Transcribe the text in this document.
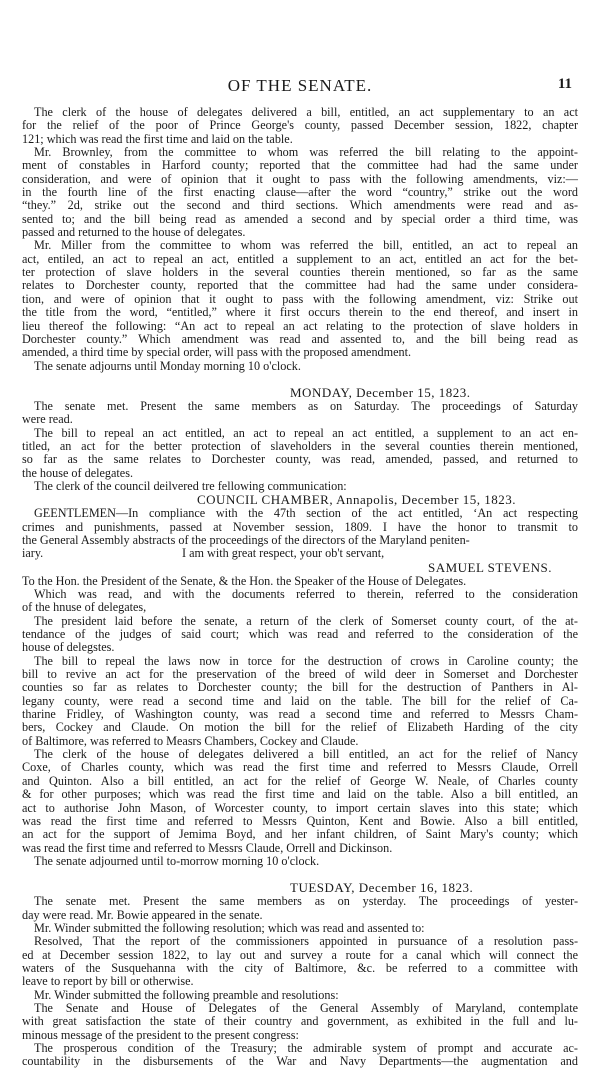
OF THE SENATE.	11
The clerk of the house of delegates delivered a bill, entitled, an act supplementary to an act
for the relief of the poor of Prince George's county, passed December session, 1822, chapter
121; which was read the first time and laid on the table.
Mr. Brownley, from the committee to whom was referred the bill relating to the appoint-
ment of constables in Harford county; reported that the committee had had the same under
consideration, and were of opinion that it ought to pass with the following amendments, viz:—
in the fourth line of the first enacting clause—after the word “country,” strike out the word
“they.” 2d, strike out the second and third sections. Which amendments were read and as-
sented to; and the bill being read as amended a second and by special order a third time, was
passed and returned to the house of delegates.
Mr. Miller from the committee to whom was referred the bill, entitled, an act to repeal an
act, entiled, an act to repeal an act, entitled a supplement to an act, entitled an act for the bet-
ter protection of slave holders in the several counties therein mentioned, so far as the same
relates to Dorchester county, reported that the committee had had the same under considera-
tion, and were of opinion that it ought to pass with the following amendment, viz: Strike out
the title from the word, “entitled,” where it first occurs therein to the end thereof, and insert in
lieu thereof the following: “An act to repeal an act relating to the protection of slave holders in
Dorchester county.” Which amendment was read and assented to, and the bill being read as
amended, a third time by special order, will pass with the proposed amendment.
The senate adjourns until Monday morning 10 o'clock.
MONDAY, December 15, 1823.
The senate met. Present the same members as on Saturday. The proceedings of Saturday
were read.
The bill to repeal an act entitled, an act to repeal an act entitled, a supplement to an act en-
titled, an act for the better protection of slaveholders in the several counties therein mentioned,
so far as the same relates to Dorchester county, was read, amended, passed, and returned to
the house of delegates.
The clerk of the council deilvered tre fellowing communication:
COUNCIL CHAMBER, Annapolis, December 15, 1823.
GEENTLEMEN—In compliance with the 47th section of the act entitled, ‘An act respecting
crimes and punishments, passed at November session, 1809. I have the honor to transmit to
the General Assembly abstracts of the proceedings of the directors of the Maryland peniten-
iary.	I am with great respect, your ob't servant,
SAMUEL STEVENS.
To the Hon. the President of the Senate, & the Hon. the Speaker of the House of Delegates.
Which was read, and with the documents referred to therein, referred to the consideration
of the hnuse of delegates,
The president laid before the senate, a return of the clerk of Somerset county court, of the at-
tendance of the judges of said court; which was read and referred to the consideration of the
house of delegstes.
The bill to repeal the laws now in torce for the destruction of crows in Caroline county; the
bill to revive an act for the preservation of the breed of wild deer in Somerset and Dorchester
counties so far as relates to Dorchester county; the bill for the destruction of Panthers in Al-
legany county, were read a second time and laid on the table. The bill for the relief of Ca-
tharine Fridley, of Washington county, was read a second time and referred to Messrs Cham-
bers, Cockey and Claude. On motion the bill for the relief of Elizabeth Harding of the city
of Baltimore, was referred to Measrs Chambers, Cockey and Claude.
The clerk of the house of delegates delivered a bill entitled, an act for the relief of Nancy
Coxe, of Charles county, which was read the first time and referred to Messrs Claude, Orrell
and Quinton. Also a bill entitled, an act for the relief of George W. Neale, of Charles county
& for other purposes; which was read the first time and laid on the table. Also a bill entitled, an
act to authorise John Mason, of Worcester county, to import certain slaves into this state; which
was read the first time and referred to Messrs Quinton, Kent and Bowie. Also a bill entitled,
an act for the support of Jemima Boyd, and her infant children, of Saint Mary's county; which
was read the first time and referred to Messrs Claude, Orrell and Dickinson.
The senate adjourned until to-morrow morning 10 o'clock.
TUESDAY, December 16, 1823.
The senate met. Present the same members as on ysterday. The proceedings of yester-
day were read. Mr. Bowie appeared in the senate.
Mr. Winder submitted the following resolution; which was read and assented to:
Resolved, That the report of the commissioners appointed in pursuance of a resolution pass-
ed at December session 1822, to lay out and survey a route for a canal which will connect the
waters of the Susquehanna with the city of Baltimore, &c. be referred to a committee with
leave to report by bill or otherwise.
Mr. Winder submitted the following preamble and resolutions:
The Senate and House of Delegates of the General Assembly of Maryland, contemplate
with great satisfaction the state of their country and government, as exhibited in the full and lu-
minous message of the president to the present congress:
The prosperous condition of the Treasury; the admirable system of prompt and accurate ac-
countability in the disbursements of the War and Navy Departments—the augmentation and
